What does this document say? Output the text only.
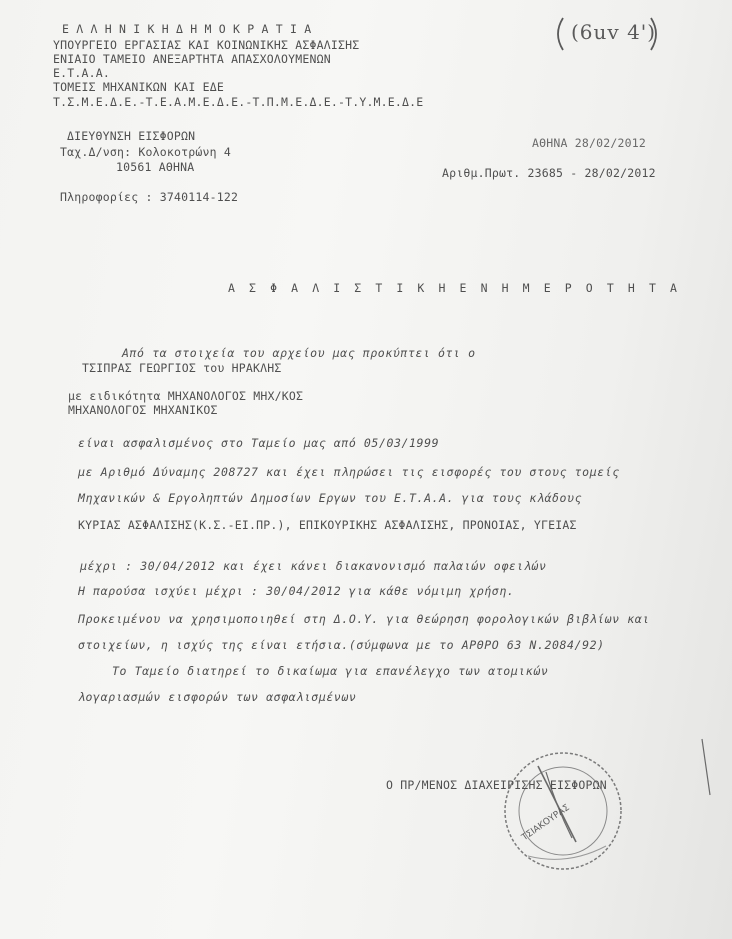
(6uv 4')
Ε Λ Λ Η Ν Ι Κ Η Δ Η Μ Ο Κ Ρ Α Τ Ι Α
ΥΠΟΥΡΓΕΙΟ ΕΡΓΑΣΙΑΣ ΚΑΙ ΚΟΙΝΩΝΙΚΗΣ ΑΣΦΑΛΙΣΗΣ
ΕΝΙΑΙΟ ΤΑΜΕΙΟ ΑΝΕΞΑΡΤΗΤΑ ΑΠΑΣΧΟΛΟΥΜΕΝΩΝ
Ε.Τ.Α.Α.
ΤΟΜΕΙΣ ΜΗΧΑΝΙΚΩΝ ΚΑΙ ΕΔΕ
Τ.Σ.Μ.Ε.Δ.Ε.-Τ.Ε.Α.Μ.Ε.Δ.Ε.-Τ.Π.Μ.Ε.Δ.Ε.-Τ.Υ.Μ.Ε.Δ.Ε
ΔΙΕΥΘΥΝΣΗ ΕΙΣΦΟΡΩΝ
Ταχ.Δ/νση: Κολοκοτρώνη 4
10561 ΑΘΗΝΑ
Πληροφορίες : 3740114-122
ΑΘΗΝΑ 28/02/2012
Αριθμ.Πρωτ. 23685 - 28/02/2012
Α Σ Φ Α Λ Ι Σ Τ Ι Κ Η Ε Ν Η Μ Ε Ρ Ο Τ Η Τ Α
Από τα στοιχεία του αρχείου μας προκύπτει ότι ο
ΤΣΙΠΡΑΣ ΓΕΩΡΓΙΟΣ του ΗΡΑΚΛΗΣ
με ειδικότητα ΜΗΧΑΝΟΛΟΓΟΣ ΜΗΧ/ΚΟΣ
ΜΗΧΑΝΟΛΟΓΟΣ ΜΗΧΑΝΙΚΟΣ
είναι ασφαλισμένος στο Ταμείο μας από 05/03/1999
με Αριθμό Δύναμης 208727 και έχει πληρώσει τις εισφορές του στους τομείς
Μηχανικών & Εργοληπτών Δημοσίων Εργων του Ε.Τ.Α.Α. για τους κλάδους
ΚΥΡΙΑΣ ΑΣΦΑΛΙΣΗΣ(Κ.Σ.-ΕΙ.ΠΡ.), ΕΠΙΚΟΥΡΙΚΗΣ ΑΣΦΑΛΙΣΗΣ, ΠΡΟΝΟΙΑΣ, ΥΓΕΙΑΣ
μέχρι : 30/04/2012 και έχει κάνει διακανονισμό παλαιών οφειλών
Η παρούσα ισχύει μέχρι : 30/04/2012 για κάθε νόμιμη χρήση.
Προκειμένου να χρησιμοποιηθεί στη Δ.Ο.Υ. για θεώρηση φορολογικών βιβλίων και
στοιχείων, η ισχύς της είναι ετήσια.(σύμφωνα με το ΑΡΘΡΟ 63 Ν.2084/92)
Το Ταμείο διατηρεί το δικαίωμα για επανέλεγχο των ατομικών
λογαριασμών εισφορών των ασφαλισμένων
Ο ΠΡ/ΜΕΝΟΣ ΔΙΑΧΕΙΡΙΣΗΣ ΕΙΣΦΟΡΩΝ
ΤΣΙΑΚΟΥΡΑΣ
